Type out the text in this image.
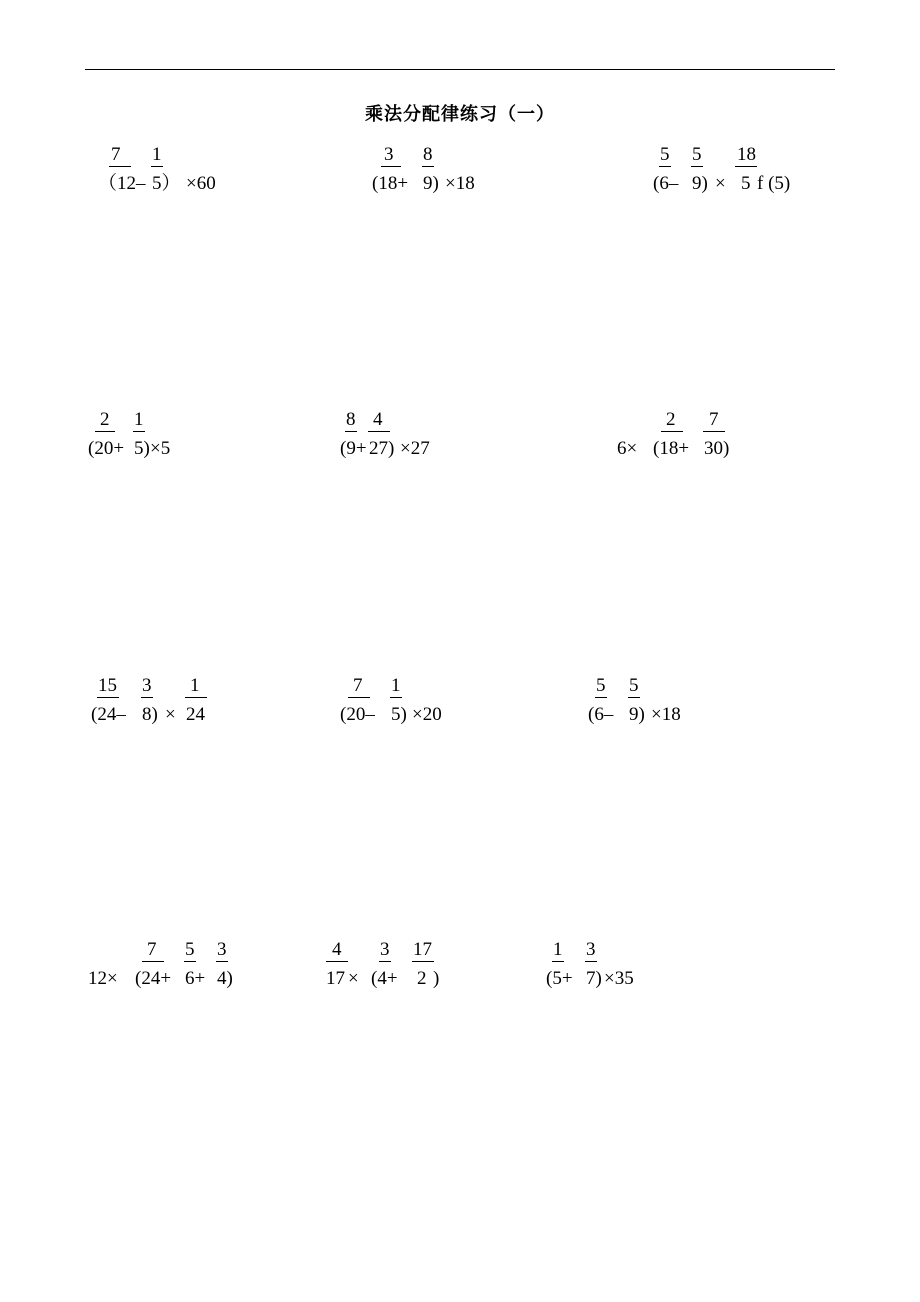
乘法分配律练习（一）
7 1
（12– 5） ×60
3 8
(18+ 9) ×18
5 5 18
(6– 9) × 5 f (5)
2 1
(20+ 5) ×5
8 4
(9+ 27) ×27
2 7
6× (18+ 30)
15 3 1
(24– 8) × 24
7 1
(20– 5) ×20
5 5
(6– 9) ×18
7 5 3
12× (24+ 6+ 4)
4 3 17
17 × (4+ 2 )
1 3
(5+ 7) ×35
